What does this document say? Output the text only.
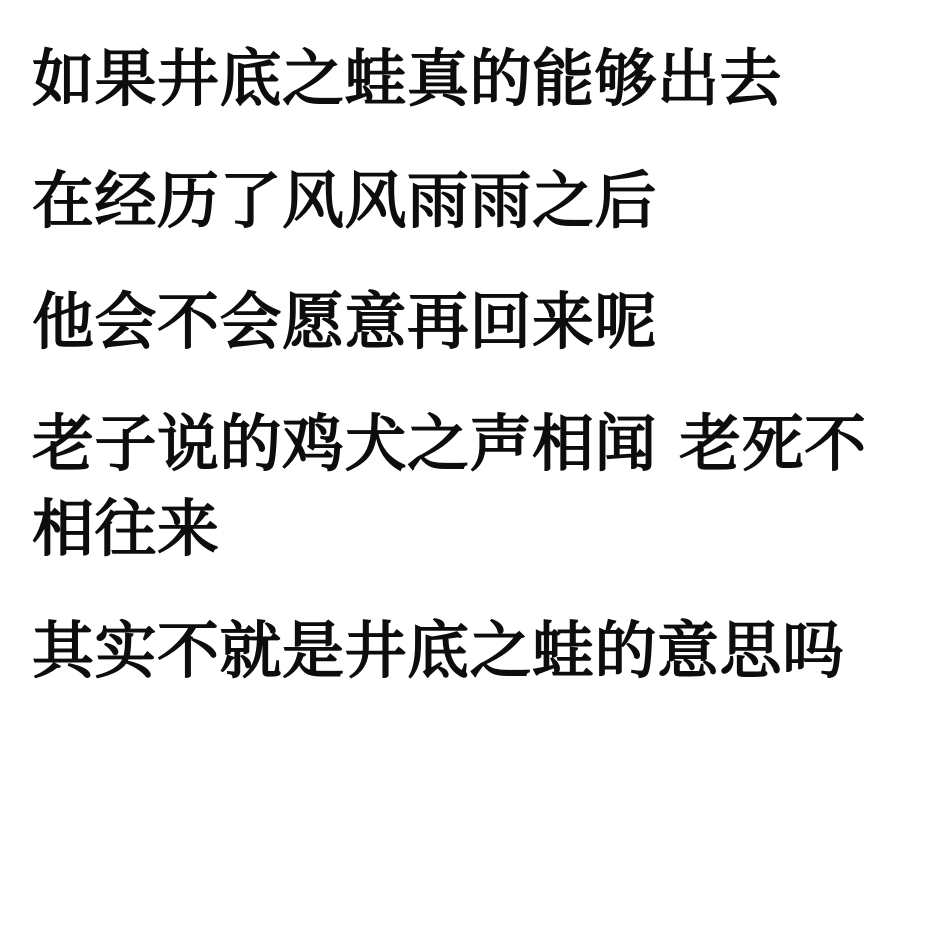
如果井底之蛙真的能够出去

在经历了风风雨雨之后

他会不会愿意再回来呢

老子说的鸡犬之声相闻 老死不相往来

其实不就是井底之蛙的意思吗
